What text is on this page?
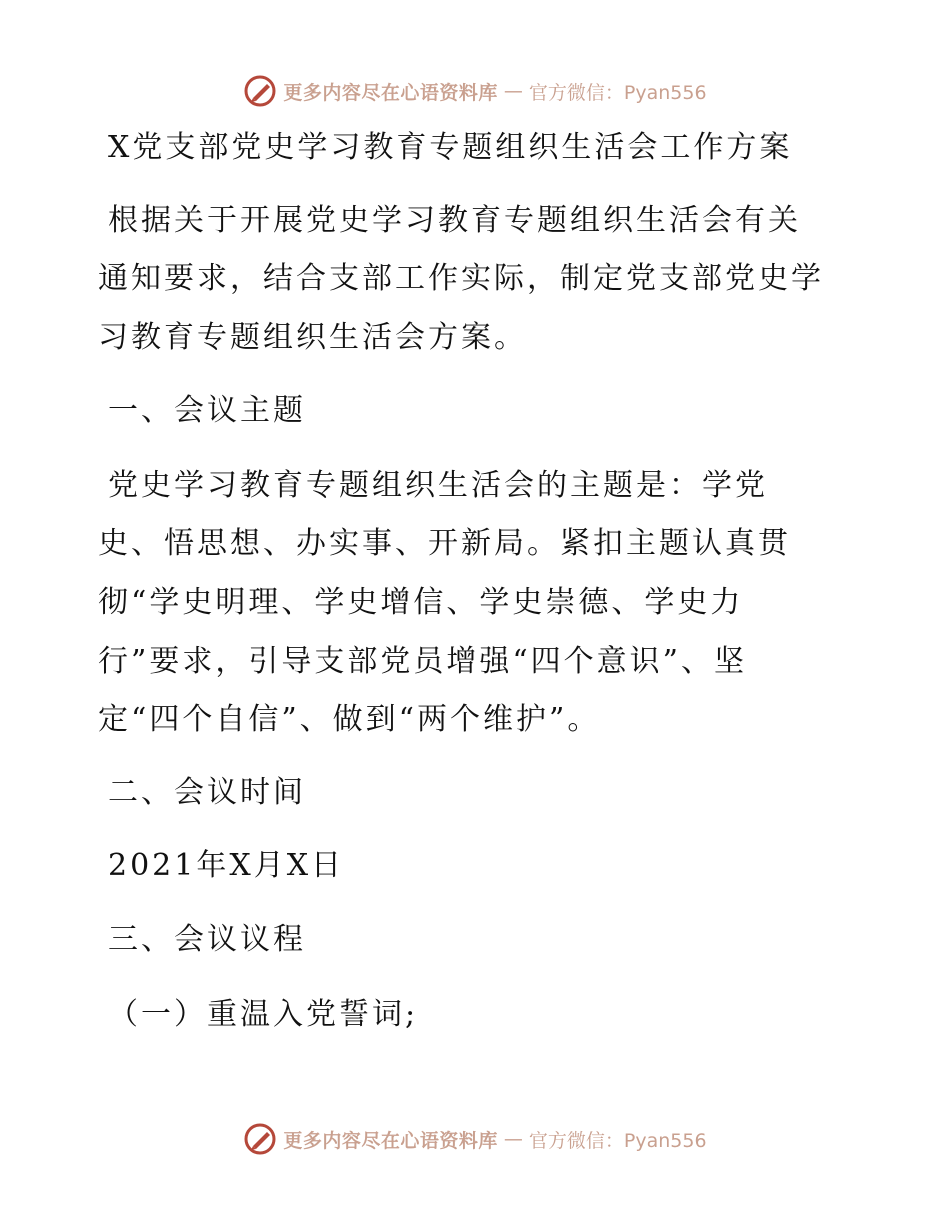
更多内容尽在心语资料库 — 官方微信：Pyan556
X党支部党史学习教育专题组织生活会工作方案
根据关于开展党史学习教育专题组织生活会有关
通知要求，结合支部工作实际，制定党支部党史学
习教育专题组织生活会方案。
一、会议主题
党史学习教育专题组织生活会的主题是：学党
史、悟思想、办实事、开新局。紧扣主题认真贯
彻“学史明理、学史增信、学史崇德、学史力
行”要求，引导支部党员增强“四个意识”、坚
定“四个自信”、做到“两个维护”。
二、会议时间
2021年X月X日
三、会议议程
（一）重温入党誓词;
更多内容尽在心语资料库 — 官方微信：Pyan556
